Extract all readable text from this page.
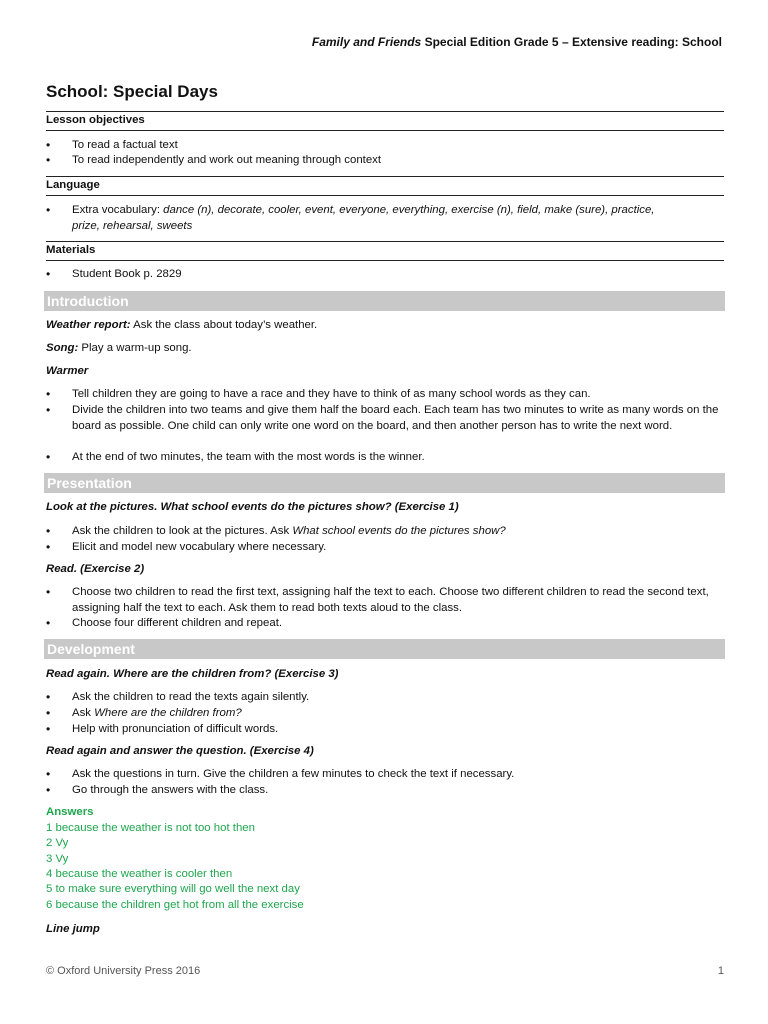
Family and Friends Special Edition Grade 5 – Extensive reading: School
School: Special Days
Lesson objectives
• To read a factual text
• To read independently and work out meaning through context
Language
• Extra vocabulary: dance (n), decorate, cooler, event, everyone, everything, exercise (n), field, make (sure), practice,
prize, rehearsal, sweets
Materials
• Student Book p. 2829
Introduction
Weather report: Ask the class about today’s weather.
Song: Play a warm-up song.
Warmer
• Tell children they are going to have a race and they have to think of as many school words as they can.
• Divide the children into two teams and give them half the board each. Each team has two minutes to write as many words on the board as possible. One child can only write one word on the board, and then another person has to write the next word.
• At the end of two minutes, the team with the most words is the winner.
Presentation
Look at the pictures. What school events do the pictures show? (Exercise 1)
• Ask the children to look at the pictures. Ask What school events do the pictures show?
• Elicit and model new vocabulary where necessary.
Read. (Exercise 2)
• Choose two children to read the first text, assigning half the text to each. Choose two different children to read the second text, assigning half the text to each. Ask them to read both texts aloud to the class.
• Choose four different children and repeat.
Development
Read again. Where are the children from? (Exercise 3)
• Ask the children to read the texts again silently.
• Ask Where are the children from?
• Help with pronunciation of difficult words.
Read again and answer the question. (Exercise 4)
• Ask the questions in turn. Give the children a few minutes to check the text if necessary.
• Go through the answers with the class.
Answers
1 because the weather is not too hot then
2 Vy
3 Vy
4 because the weather is cooler then
5 to make sure everything will go well the next day
6 because the children get hot from all the exercise
Line jump
© Oxford University Press 2016	1
